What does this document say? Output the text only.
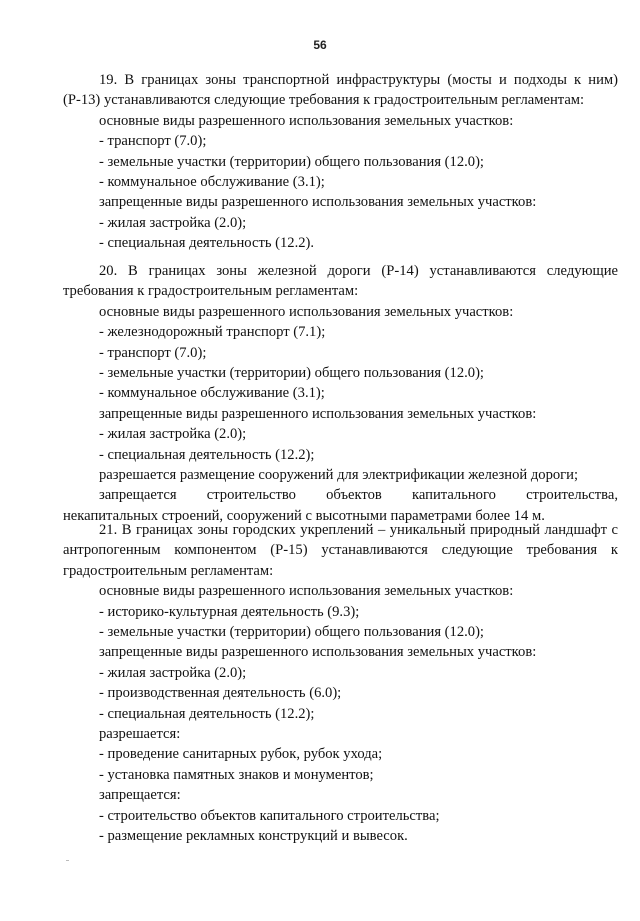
56

19. В границах зоны транспортной инфраструктуры (мосты и подходы к ним) (Р-13) устанавливаются следующие требования к градостроительным регламентам:

основные виды разрешенного использования земельных участков:

- транспорт (7.0);

- земельные участки (территории) общего пользования (12.0);

- коммунальное обслуживание (3.1);

запрещенные виды разрешенного использования земельных участков:

- жилая застройка (2.0);

- специальная деятельность (12.2).

20. В границах зоны железной дороги (Р-14) устанавливаются следующие требования к градостроительным регламентам:

основные виды разрешенного использования земельных участков:

- железнодорожный транспорт (7.1);

- транспорт (7.0);

- земельные участки (территории) общего пользования (12.0);

- коммунальное обслуживание (3.1);

запрещенные виды разрешенного использования земельных участков:

- жилая застройка (2.0);

- специальная деятельность (12.2);

разрешается размещение сооружений для электрификации железной дороги;

запрещается строительство объектов капитального строительства,

некапитальных строений, сооружений с высотными параметрами более 14 м.

21. В границах зоны городских укреплений – уникальный природный ландшафт с антропогенным компонентом (Р-15) устанавливаются следующие требования к градостроительным регламентам:

основные виды разрешенного использования земельных участков:

- историко-культурная деятельность (9.3);

- земельные участки (территории) общего пользования (12.0);

запрещенные виды разрешенного использования земельных участков:

- жилая застройка (2.0);

- производственная деятельность (6.0);

- специальная деятельность (12.2);

разрешается:

- проведение санитарных рубок, рубок ухода;

- установка памятных знаков и монументов;

запрещается:

- строительство объектов капитального строительства;

- размещение рекламных конструкций и вывесок.
